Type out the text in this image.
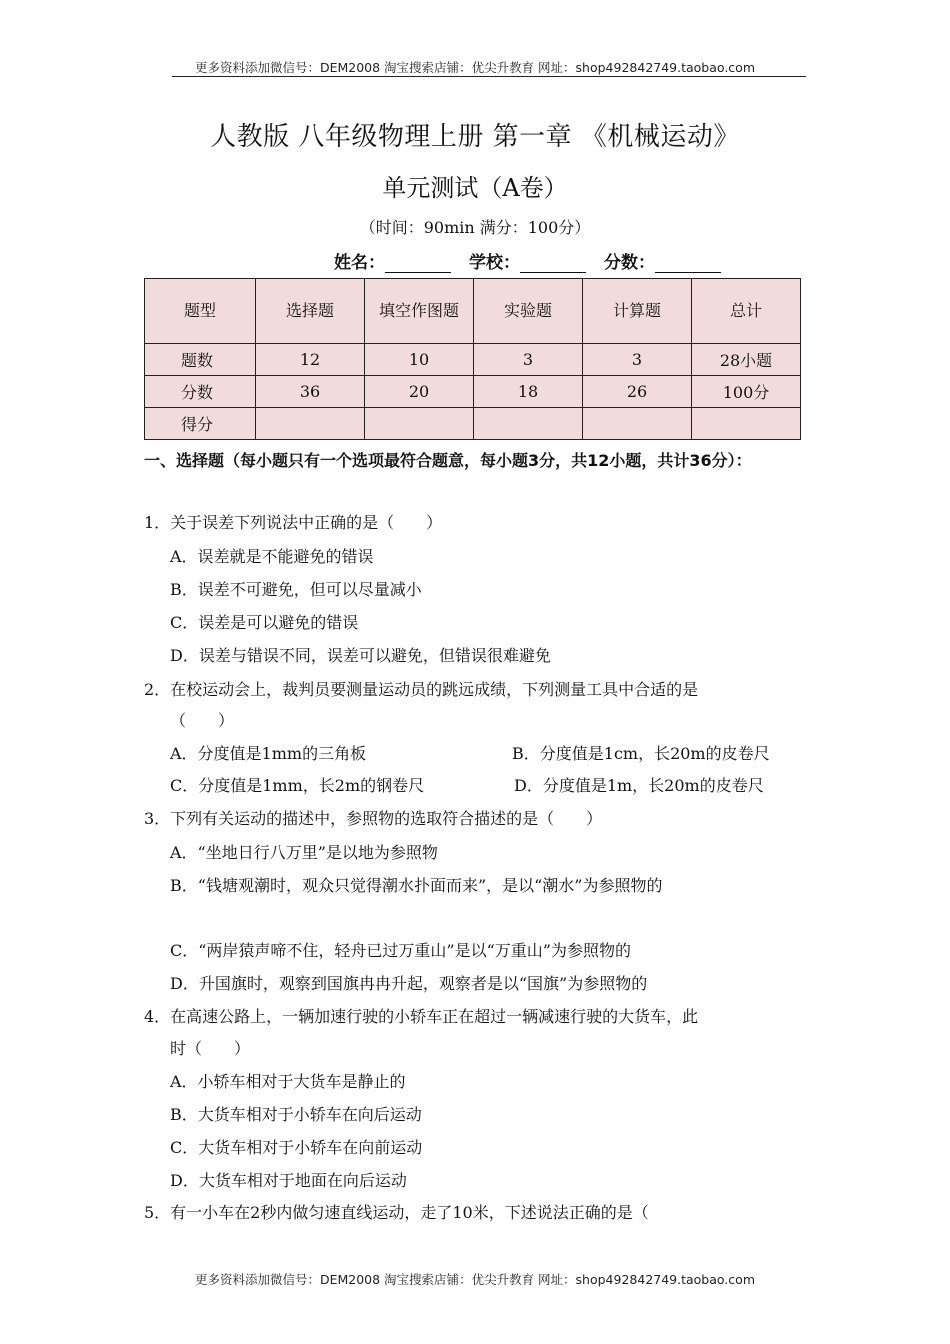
更多资料添加微信号：DEM2008 淘宝搜索店铺：优尖升教育 网址：shop492842749.taobao.com
人教版 八年级物理上册 第一章 《机械运动》
单元测试（A卷）
（时间：90min 满分：100分）
姓名：	学校：	分数：
题型	选择题	填空作图题	实验题	计算题	总计
题数	12	10	3	3	28小题
分数	36	20	18	26	100分
得分					
一、选择题（每小题只有一个选项最符合题意，每小题3分，共12小题，共计36分）：
1．关于误差下列说法中正确的是（　　）
A．误差就是不能避免的错误
B．误差不可避免，但可以尽量减小
C．误差是可以避免的错误
D．误差与错误不同，误差可以避免，但错误很难避免
2．在校运动会上，裁判员要测量运动员的跳远成绩，下列测量工具中合适的是
（　　）
A．分度值是1mm的三角板	B．分度值是1cm，长20m的皮卷尺
C．分度值是1mm，长2m的钢卷尺	D．分度值是1m，长20m的皮卷尺
3．下列有关运动的描述中，参照物的选取符合描述的是（　　）
A．“坐地日行八万里”是以地为参照物
B．“钱塘观潮时，观众只觉得潮水扑面而来”，是以“潮水”为参照物的
C．“两岸猿声啼不住，轻舟已过万重山”是以“万重山”为参照物的
D．升国旗时，观察到国旗冉冉升起，观察者是以“国旗”为参照物的
4．在高速公路上，一辆加速行驶的小轿车正在超过一辆减速行驶的大货车，此
时（　　）
A．小轿车相对于大货车是静止的
B．大货车相对于小轿车在向后运动
C．大货车相对于小轿车在向前运动
D．大货车相对于地面在向后运动
5．有一小车在2秒内做匀速直线运动，走了10米，下述说法正确的是（
更多资料添加微信号：DEM2008 淘宝搜索店铺：优尖升教育 网址：shop492842749.taobao.com
